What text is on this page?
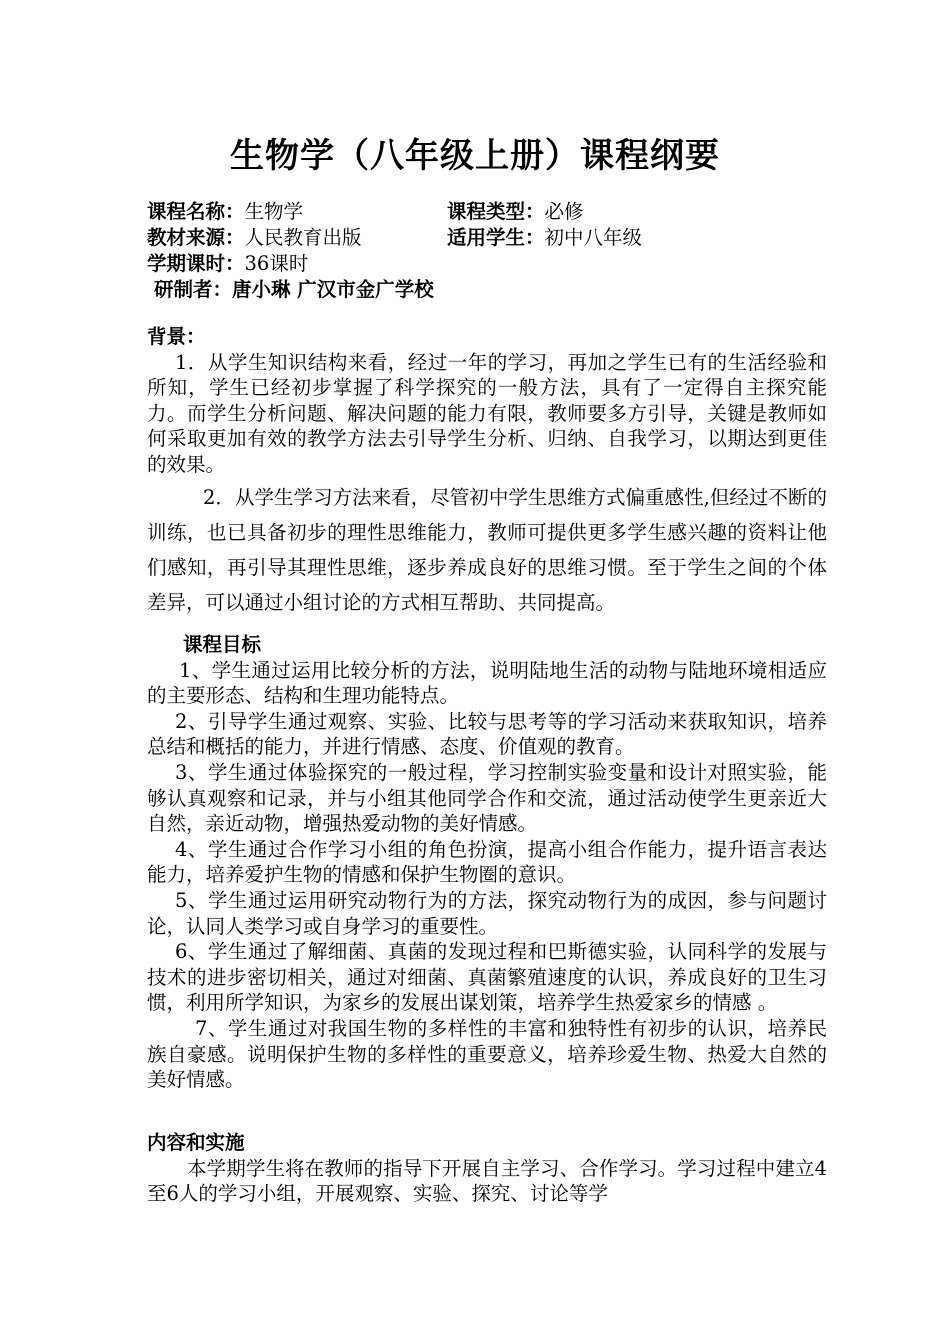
生物学（八年级上册）课程纲要
课程名称：生物学	课程类型：必修
教材来源：人民教育出版	适用学生：初中八年级
学期课时：36课时
研制者：唐小琳 广汉市金广学校

背景：

1．从学生知识结构来看，经过一年的学习，再加之学生已有的生活经验和所知，学生已经初步掌握了科学探究的一般方法，具有了一定得自主探究能力。而学生分析问题、解决问题的能力有限，教师要多方引导，关键是教师如何采取更加有效的教学方法去引导学生分析、归纳、自我学习，以期达到更佳的效果。

2．从学生学习方法来看，尽管初中学生思维方式偏重感性,但经过不断的训练，也已具备初步的理性思维能力，教师可提供更多学生感兴趣的资料让他们感知，再引导其理性思维，逐步养成良好的思维习惯。至于学生之间的个体差异，可以通过小组讨论的方式相互帮助、共同提高。

课程目标

1、学生通过运用比较分析的方法，说明陆地生活的动物与陆地环境相适应的主要形态、结构和生理功能特点。

2、引导学生通过观察、实验、比较与思考等的学习活动来获取知识，培养总结和概括的能力，并进行情感、态度、价值观的教育。

3、学生通过体验探究的一般过程，学习控制实验变量和设计对照实验，能够认真观察和记录，并与小组其他同学合作和交流，通过活动使学生更亲近大自然，亲近动物，增强热爱动物的美好情感。

4、学生通过合作学习小组的角色扮演，提高小组合作能力，提升语言表达能力，培养爱护生物的情感和保护生物圈的意识。

5、学生通过运用研究动物行为的方法，探究动物行为的成因，参与问题讨论，认同人类学习或自身学习的重要性。

6、学生通过了解细菌、真菌的发现过程和巴斯德实验，认同科学的发展与技术的进步密切相关，通过对细菌、真菌繁殖速度的认识，养成良好的卫生习惯，利用所学知识，为家乡的发展出谋划策，培养学生热爱家乡的情感 。

7、学生通过对我国生物的多样性的丰富和独特性有初步的认识，培养民族自豪感。说明保护生物的多样性的重要意义，培养珍爱生物、热爱大自然的美好情感。

内容和实施

本学期学生将在教师的指导下开展自主学习、合作学习。学习过程中建立4至6人的学习小组，开展观察、实验、探究、讨论等学
